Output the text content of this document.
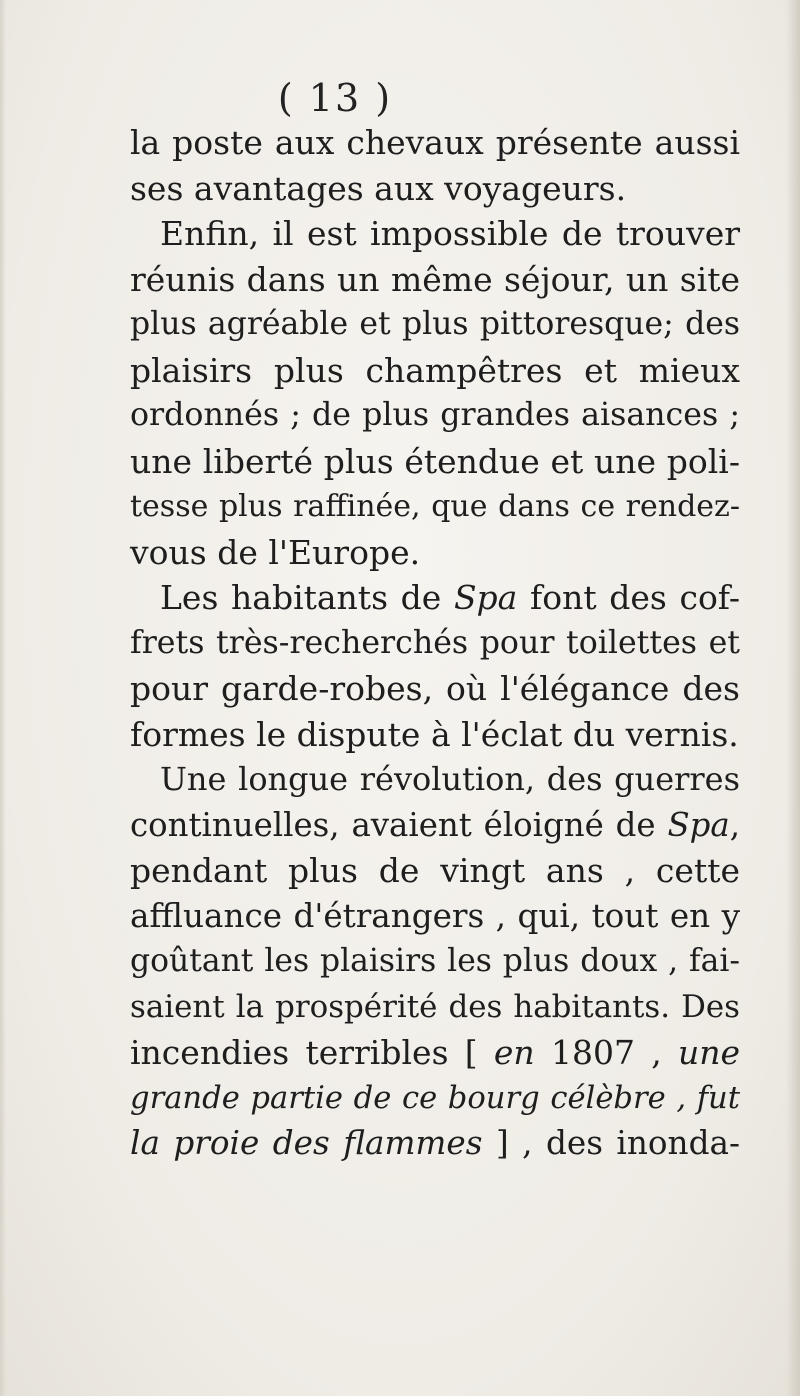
( 13 )
la poste aux chevaux présente aussi
ses avantages aux voyageurs.
Enfin, il est impossible de trouver
réunis dans un même séjour, un site
plus agréable et plus pittoresque; des
plaisirs plus champêtres et mieux
ordonnés ; de plus grandes aisances ;
une liberté plus étendue et une poli-
tesse plus raffinée, que dans ce rendez-
vous de l'Europe.
Les habitants de Spa font des cof-
frets très-recherchés pour toilettes et
pour garde-robes, où l'élégance des
formes le dispute à l'éclat du vernis.
Une longue révolution, des guerres
continuelles, avaient éloigné de Spa,
pendant plus de vingt ans , cette
affluance d'étrangers , qui, tout en y
goûtant les plaisirs les plus doux , fai-
saient la prospérité des habitants. Des
incendies terribles [ en 1807 , une
grande partie de ce bourg célèbre , fut
la proie des flammes ] , des inonda-
